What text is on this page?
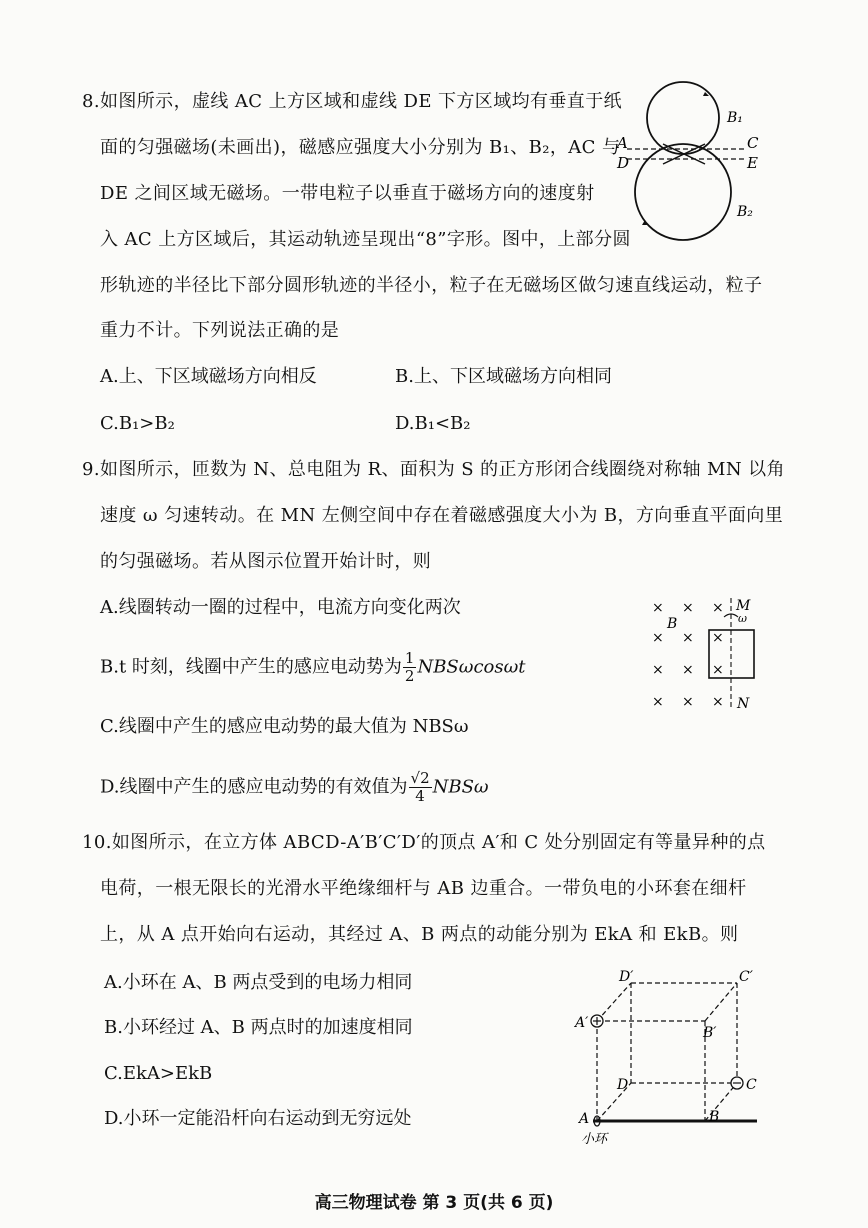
8.如图所示，虚线 AC 上方区域和虚线 DE 下方区域均有垂直于纸
面的匀强磁场(未画出)，磁感应强度大小分别为 B₁、B₂，AC 与
DE 之间区域无磁场。一带电粒子以垂直于磁场方向的速度射
入 AC 上方区域后，其运动轨迹呈现出“8”字形。图中，上部分圆
形轨迹的半径比下部分圆形轨迹的半径小，粒子在无磁场区做匀速直线运动，粒子
重力不计。下列说法正确的是
A.上、下区域磁场方向相反	B.上、下区域磁场方向相同
C.B₁>B₂	D.B₁<B₂
A	C
D	E
B₁
B₂
9.如图所示，匝数为 N、总电阻为 R、面积为 S 的正方形闭合线圈绕对称轴 MN 以角
速度 ω 匀速转动。在 MN 左侧空间中存在着磁感强度大小为 B，方向垂直平面向里
的匀强磁场。若从图示位置开始计时，则
A.线圈转动一圈的过程中，电流方向变化两次
B.t 时刻，线圈中产生的感应电动势为 $\frac{1}{2}$ NBSωcosωt
C.线圈中产生的感应电动势的最大值为 NBSω
D.线圈中产生的感应电动势的有效值为 $\frac{√2}{4}$ NBSω
× × ×
× × ×
× × ×
× × ×
M
ω
N
B
10.如图所示，在立方体 ABCD-A′B′C′D′的顶点 A′和 C 处分别固定有等量异种的点
电荷，一根无限长的光滑水平绝缘细杆与 AB 边重合。一带负电的小环套在细杆
上，从 A 点开始向右运动，其经过 A、B 两点的动能分别为 EkA 和 EkB。则
A.小环在 A、B 两点受到的电场力相同
B.小环经过 A、B 两点时的加速度相同
C.EkA>EkB
D.小环一定能沿杆向右运动到无穷远处
D′	C′
A′
B′
D	C
A	B
小环
高三物理试卷 第 3 页(共 6 页)
